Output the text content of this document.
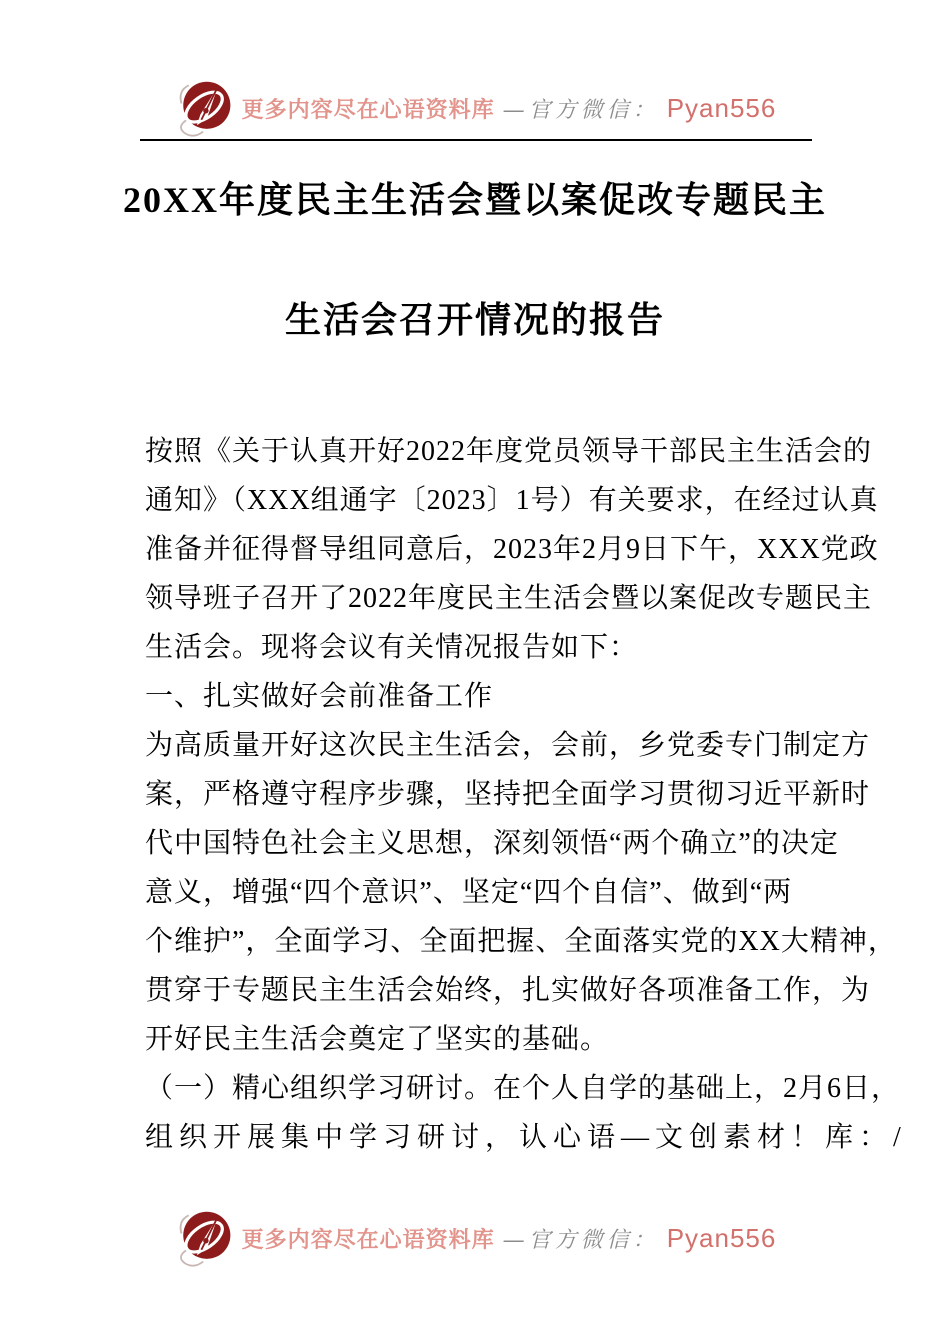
更多内容尽在心语资料库 —官方微信： Pyan556
20XX年度民主生活会暨以案促改专题民主
生活会召开情况的报告
按照《关于认真开好2022年度党员领导干部民主生活会的
通知》（XXX组通字〔2023〕1号）有关要求，在经过认真
准备并征得督导组同意后，2023年2月9日下午，XXX党政
领导班子召开了2022年度民主生活会暨以案促改专题民主
生活会。现将会议有关情况报告如下：
一、扎实做好会前准备工作
为高质量开好这次民主生活会，会前，乡党委专门制定方
案，严格遵守程序步骤，坚持把全面学习贯彻习近平新时
代中国特色社会主义思想，深刻领悟“两个确立”的决定
意义，增强“四个意识”、坚定“四个自信”、做到“两
个维护”，全面学习、全面把握、全面落实党的XX大精神，
贯穿于专题民主生活会始终，扎实做好各项准备工作，为
开好民主生活会奠定了坚实的基础。
（一）精心组织学习研讨。在个人自学的基础上，2月6日，
组织开展集中学习研讨，认心语—文创素材！库：/
更多内容尽在心语资料库 —官方微信： Pyan556
